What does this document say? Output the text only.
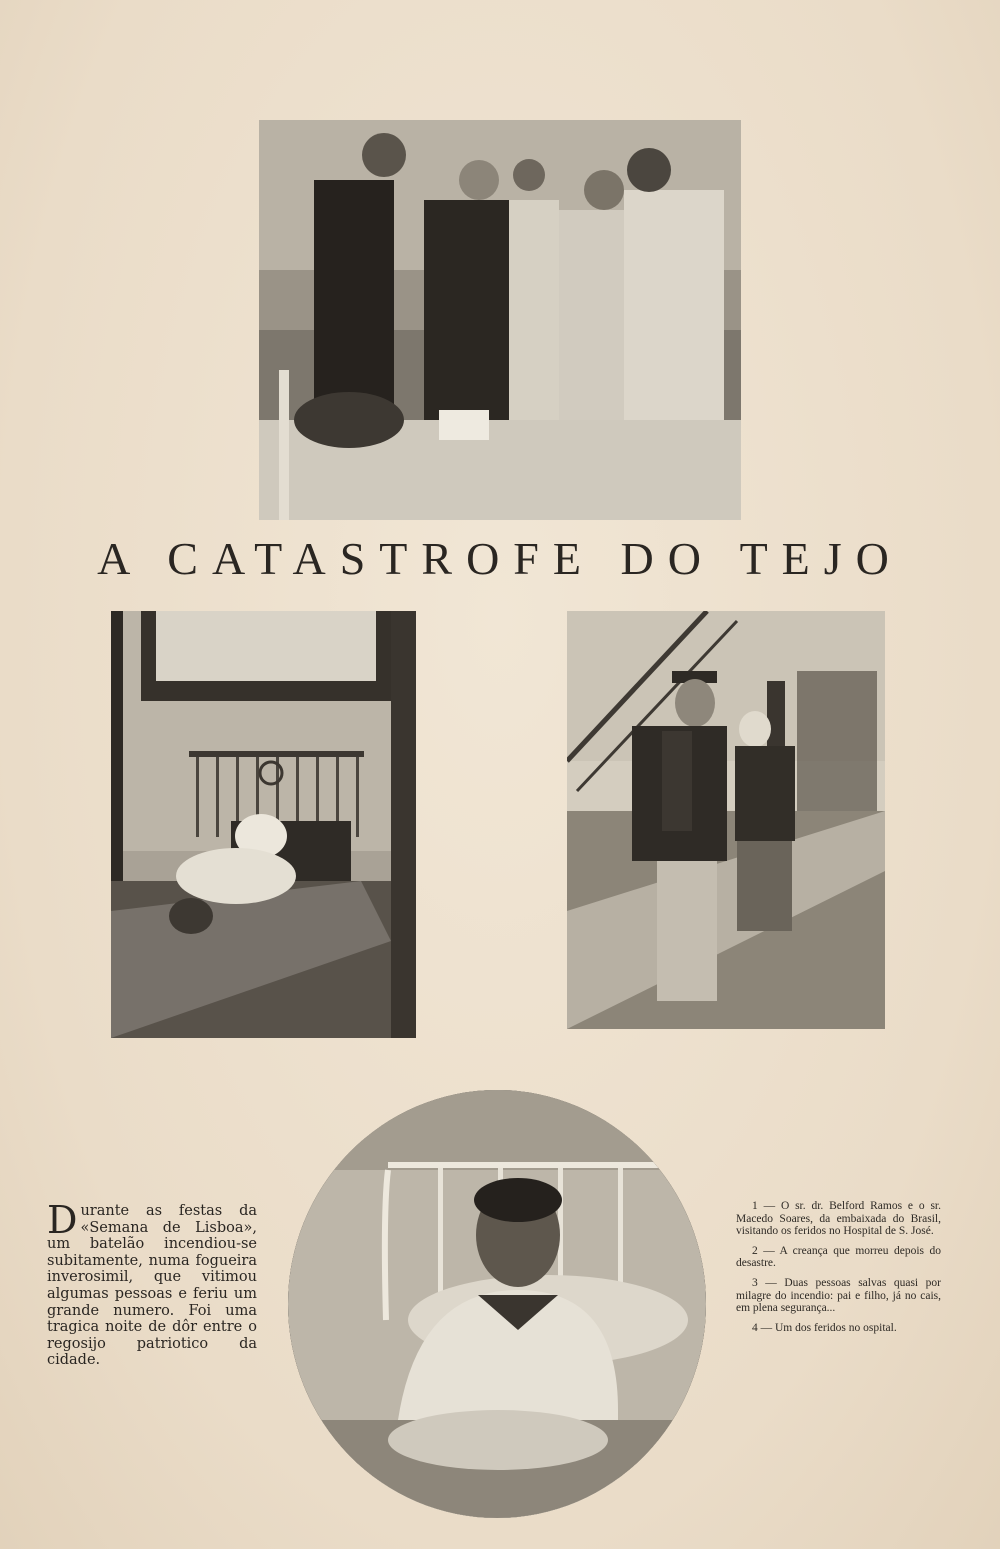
A CATASTROFE DO TEJO
Durante as festas da «Semana de Lisboa», um batelão incendiou-se subitamente, numa fogueira inverosimil, que vitimou algumas pessoas e feriu um grande numero. Foi uma tragica noite de dôr entre o regosijo patriotico da cidade.

1 — O sr. dr. Belford Ramos e o sr. Macedo Soares, da embaixada do Brasil, visitando os feridos no Hospital de S. José.

2 — A creança que morreu depois do desastre.

3 — Duas pessoas salvas quasi por milagre do incendio: pai e filho, já no cais, em plena segurança...

4 — Um dos feridos no ospital.
